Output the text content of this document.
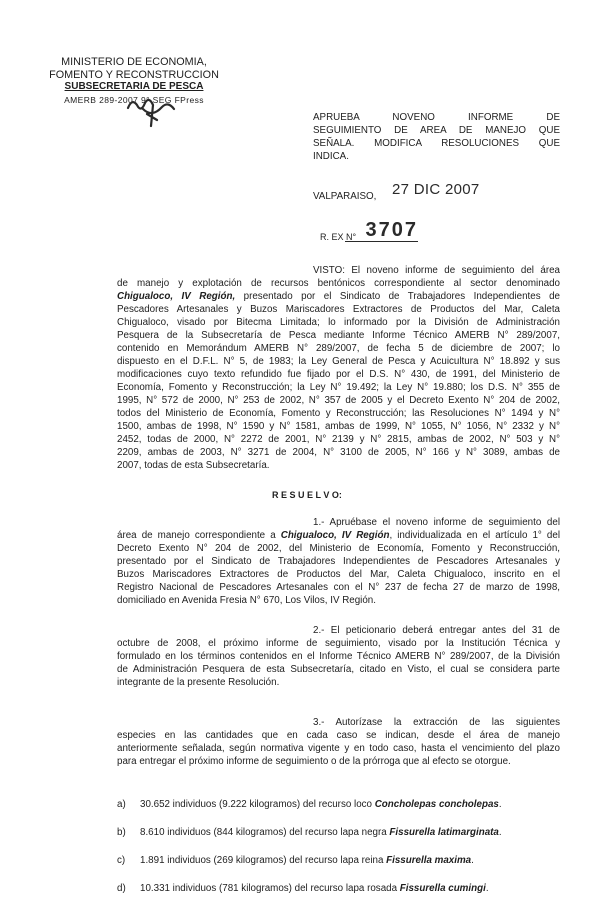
MINISTERIO DE ECONOMIA,
FOMENTO Y RECONSTRUCCION
SUBSECRETARIA DE PESCA
AMERB 289-2007 9° SEG FPress
APRUEBA NOVENO INFORME DE
SEGUIMIENTO DE AREA DE MANEJO QUE
SEÑALA. MODIFICA RESOLUCIONES QUE
INDICA.
VALPARAISO, 27 DIC 2007
R. EX N° 3707
VISTO: El noveno informe de seguimiento del área
de manejo y explotación de recursos bentónicos correspondiente al sector denominado
Chigualoco, IV Región, presentado por el Sindicato de Trabajadores Independientes de
Pescadores Artesanales y Buzos Mariscadores Extractores de Productos del Mar, Caleta
Chigualoco, visado por Bitecma Limitada; lo informado por la División de Administración
Pesquera de la Subsecretaría de Pesca mediante Informe Técnico AMERB N° 289/2007,
contenido en Memorándum AMERB N° 289/2007, de fecha 5 de diciembre de 2007; lo
dispuesto en el D.F.L. N° 5, de 1983; la Ley General de Pesca y Acuicultura N° 18.892 y sus
modificaciones cuyo texto refundido fue fijado por el D.S. N° 430, de 1991, del Ministerio de
Economía, Fomento y Reconstrucción; la Ley N° 19.492; la Ley N° 19.880; los D.S. N° 355 de
1995, N° 572 de 2000, N° 253 de 2002, N° 357 de 2005 y el Decreto Exento N° 204 de 2002,
todos del Ministerio de Economía, Fomento y Reconstrucción; las Resoluciones N° 1494 y N°
1500, ambas de 1998, N° 1590 y N° 1581, ambas de 1999, N° 1055, N° 1056, N° 2332 y N°
2452, todas de 2000, N° 2272 de 2001, N° 2139 y N° 2815, ambas de 2002, N° 503 y N°
2209, ambas de 2003, N° 3271 de 2004, N° 3100 de 2005, N° 166 y N° 3089, ambas de
2007, todas de esta Subsecretaría.
R E S U E L V O:
1.- Apruébase el noveno informe de seguimiento del
área de manejo correspondiente a Chigualoco, IV Región, individualizada en el artículo 1° del
Decreto Exento N° 204 de 2002, del Ministerio de Economía, Fomento y Reconstrucción,
presentado por el Sindicato de Trabajadores Independientes de Pescadores Artesanales y
Buzos Mariscadores Extractores de Productos del Mar, Caleta Chigualoco, inscrito en el
Registro Nacional de Pescadores Artesanales con el N° 237 de fecha 27 de marzo de 1998,
domiciliado en Avenida Fresia N° 670, Los Vilos, IV Región.
2.- El peticionario deberá entregar antes del 31 de
octubre de 2008, el próximo informe de seguimiento, visado por la Institución Técnica y
formulado en los términos contenidos en el Informe Técnico AMERB N° 289/2007, de la División
de Administración Pesquera de esta Subsecretaría, citado en Visto, el cual se considera parte
integrante de la presente Resolución.
3.- Autorízase la extracción de las siguientes
especies en las cantidades que en cada caso se indican, desde el área de manejo
anteriormente señalada, según normativa vigente y en todo caso, hasta el vencimiento del plazo
para entregar el próximo informe de seguimiento o de la prórroga que al efecto se otorgue.
a) 30.652 individuos (9.222 kilogramos) del recurso loco Concholepas concholepas.
b) 8.610 individuos (844 kilogramos) del recurso lapa negra Fissurella latimarginata.
c) 1.891 individuos (269 kilogramos) del recurso lapa reina Fissurella maxima.
d) 10.331 individuos (781 kilogramos) del recurso lapa rosada Fissurella cumingi.
